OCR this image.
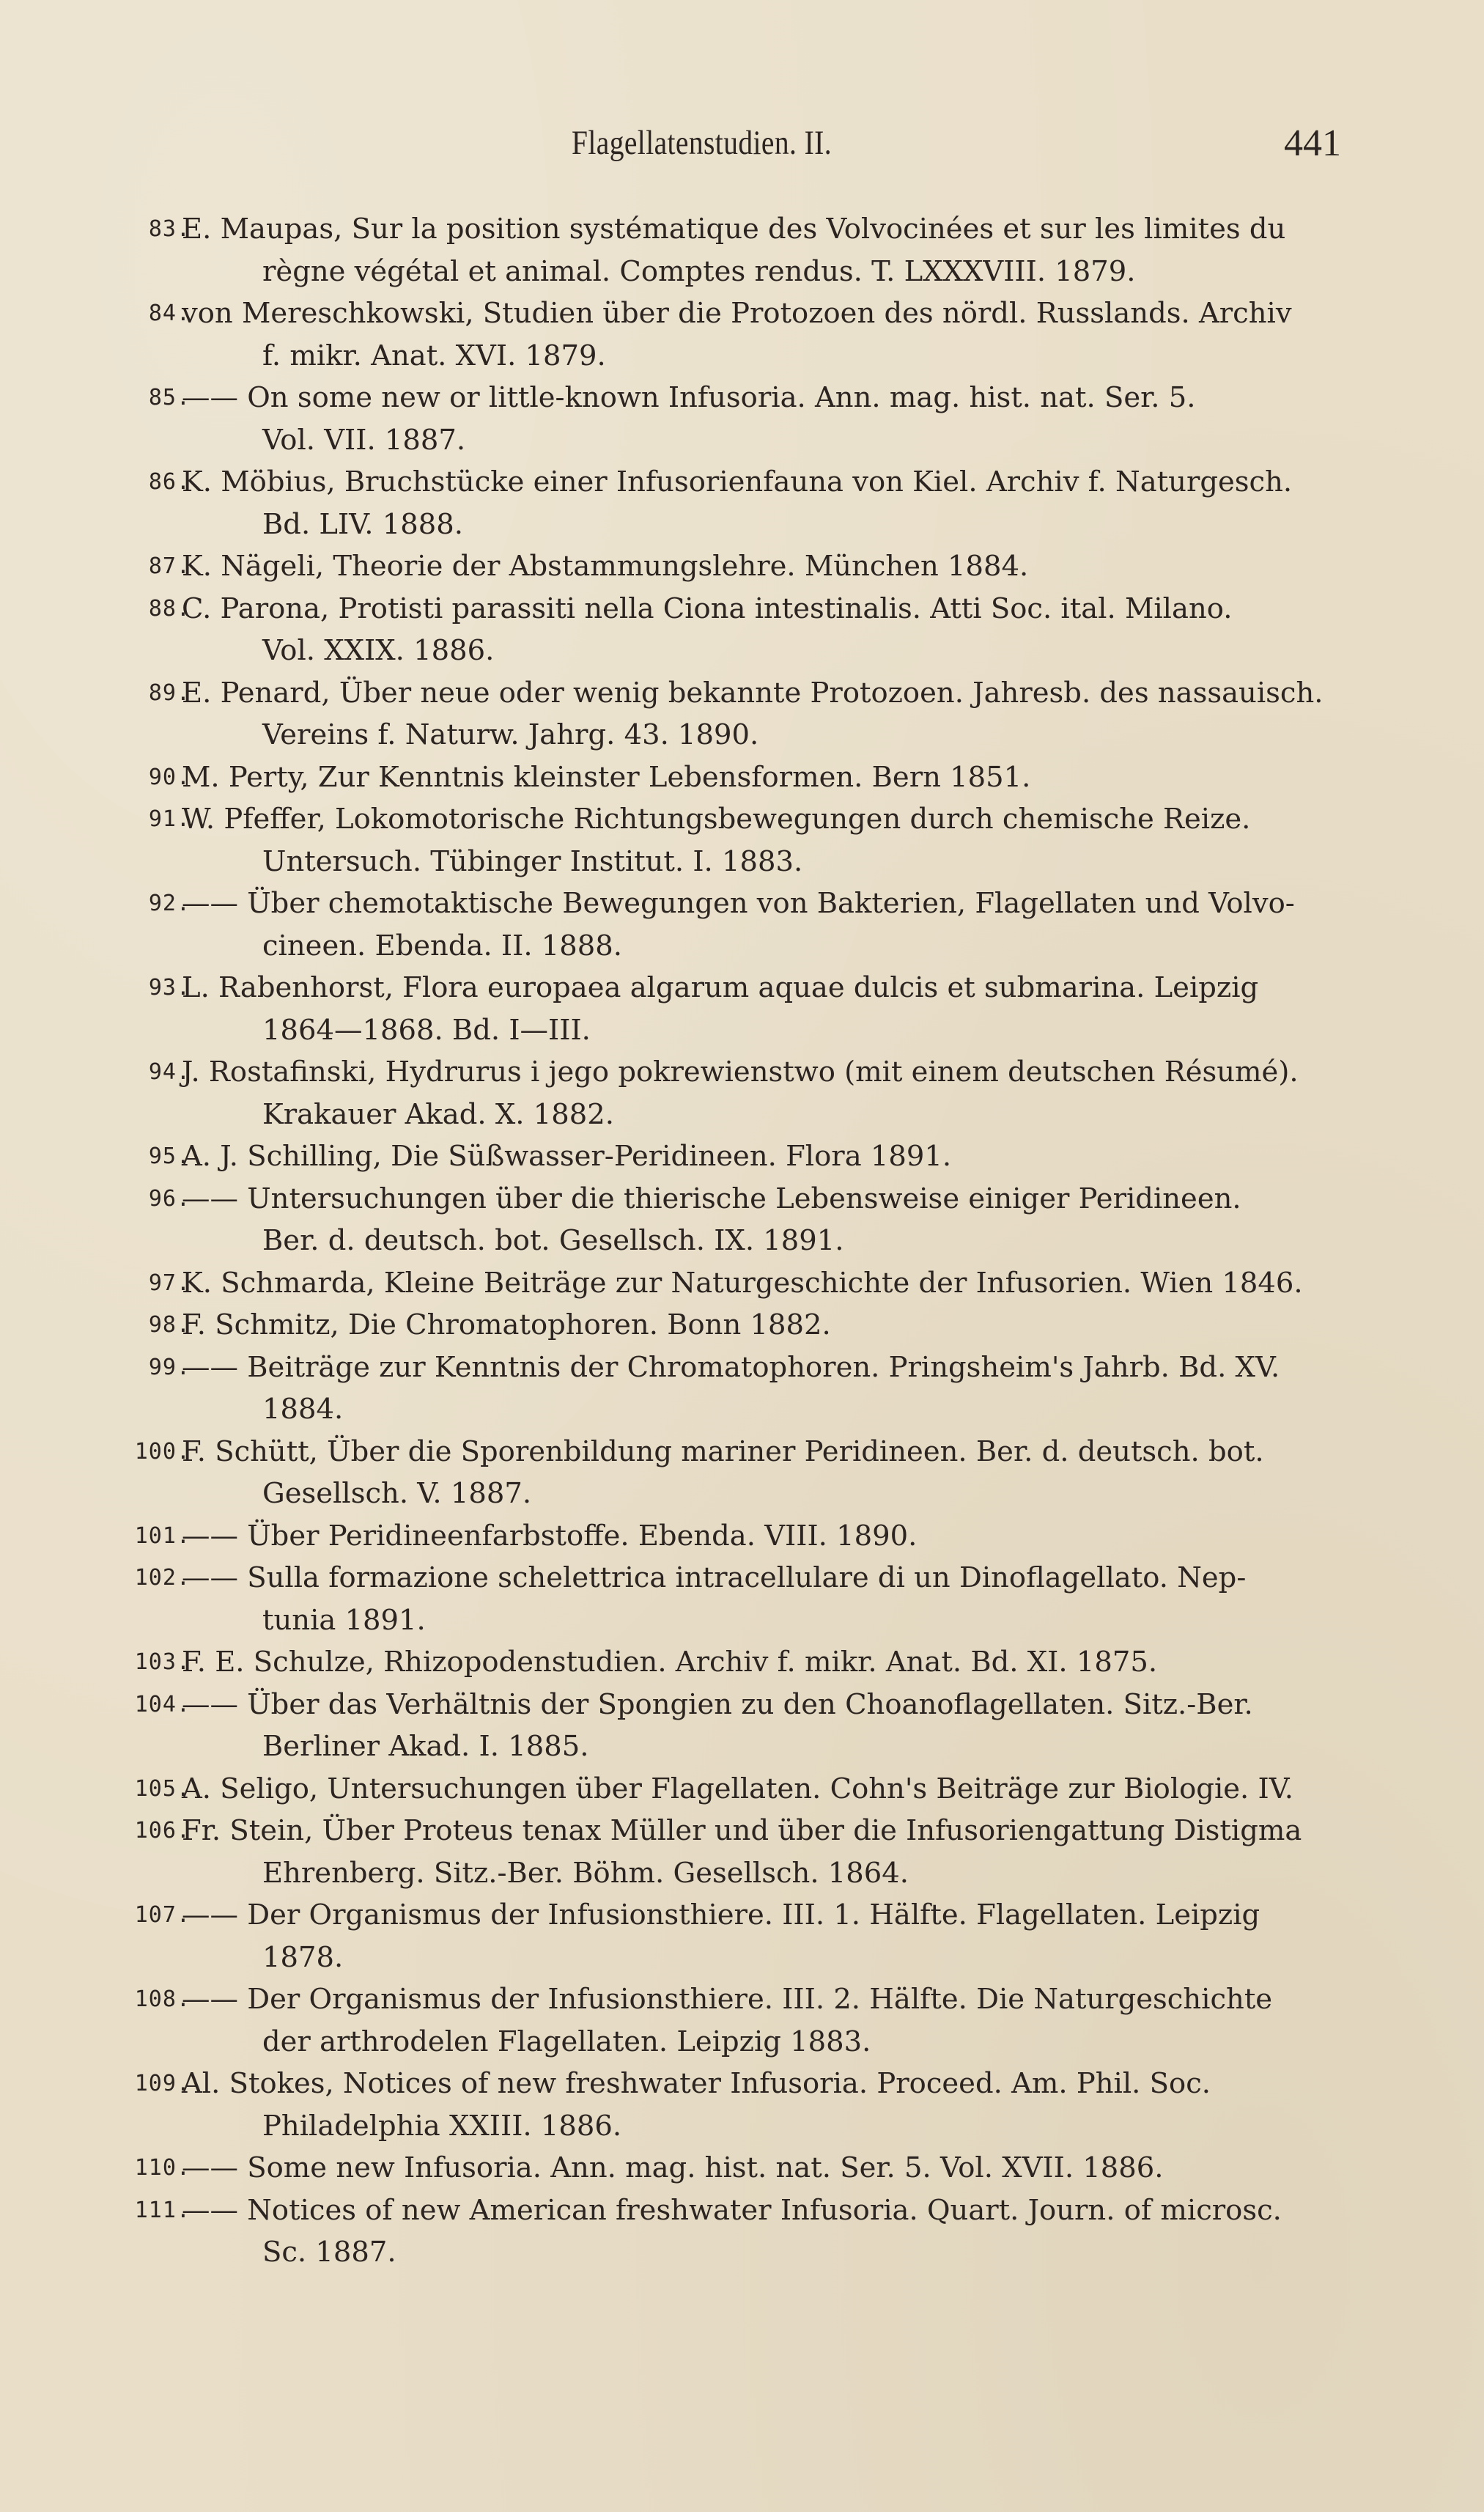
Flagellatenstudien. II.	441
83.
E. Maupas, Sur la position systématique des Volvocinées et sur les limites du
règne végétal et animal. Comptes rendus. T. LXXXVIII. 1879.
84.
von Mereschkowski, Studien über die Protozoen des nördl. Russlands. Archiv
f. mikr. Anat. XVI. 1879.
85.
—— On some new or little-known Infusoria. Ann. mag. hist. nat. Ser. 5.
Vol. VII. 1887.
86.
K. Möbius, Bruchstücke einer Infusorienfauna von Kiel. Archiv f. Naturgesch.
Bd. LIV. 1888.
87.
K. Nägeli, Theorie der Abstammungslehre. München 1884.
88.
C. Parona, Protisti parassiti nella Ciona intestinalis. Atti Soc. ital. Milano.
Vol. XXIX. 1886.
89.
E. Penard, Über neue oder wenig bekannte Protozoen. Jahresb. des nassauisch.
Vereins f. Naturw. Jahrg. 43. 1890.
90.
M. Perty, Zur Kenntnis kleinster Lebensformen. Bern 1851.
91.
W. Pfeffer, Lokomotorische Richtungsbewegungen durch chemische Reize.
Untersuch. Tübinger Institut. I. 1883.
92.
—— Über chemotaktische Bewegungen von Bakterien, Flagellaten und Volvo-
cineen. Ebenda. II. 1888.
93.
L. Rabenhorst, Flora europaea algarum aquae dulcis et submarina. Leipzig
1864—1868. Bd. I—III.
94.
J. Rostafinski, Hydrurus i jego pokrewienstwo (mit einem deutschen Résumé).
Krakauer Akad. X. 1882.
95.
A. J. Schilling, Die Süßwasser-Peridineen. Flora 1891.
96.
—— Untersuchungen über die thierische Lebensweise einiger Peridineen.
Ber. d. deutsch. bot. Gesellsch. IX. 1891.
97.
K. Schmarda, Kleine Beiträge zur Naturgeschichte der Infusorien. Wien 1846.
98.
F. Schmitz, Die Chromatophoren. Bonn 1882.
99.
—— Beiträge zur Kenntnis der Chromatophoren. Pringsheim's Jahrb. Bd. XV.
1884.
100.
F. Schütt, Über die Sporenbildung mariner Peridineen. Ber. d. deutsch. bot.
Gesellsch. V. 1887.
101.
—— Über Peridineenfarbstoffe. Ebenda. VIII. 1890.
102.
—— Sulla formazione schelettrica intracellulare di un Dinoflagellato. Nep-
tunia 1891.
103.
F. E. Schulze, Rhizopodenstudien. Archiv f. mikr. Anat. Bd. XI. 1875.
104.
—— Über das Verhältnis der Spongien zu den Choanoflagellaten. Sitz.-Ber.
Berliner Akad. I. 1885.
105.
A. Seligo, Untersuchungen über Flagellaten. Cohn's Beiträge zur Biologie. IV.
106.
Fr. Stein, Über Proteus tenax Müller und über die Infusoriengattung Distigma
Ehrenberg. Sitz.-Ber. Böhm. Gesellsch. 1864.
107.
—— Der Organismus der Infusionsthiere. III. 1. Hälfte. Flagellaten. Leipzig
1878.
108.
—— Der Organismus der Infusionsthiere. III. 2. Hälfte. Die Naturgeschichte
der arthrodelen Flagellaten. Leipzig 1883.
109.
Al. Stokes, Notices of new freshwater Infusoria. Proceed. Am. Phil. Soc.
Philadelphia XXIII. 1886.
110.
—— Some new Infusoria. Ann. mag. hist. nat. Ser. 5. Vol. XVII. 1886.
111.
—— Notices of new American freshwater Infusoria. Quart. Journ. of microsc.
Sc. 1887.
